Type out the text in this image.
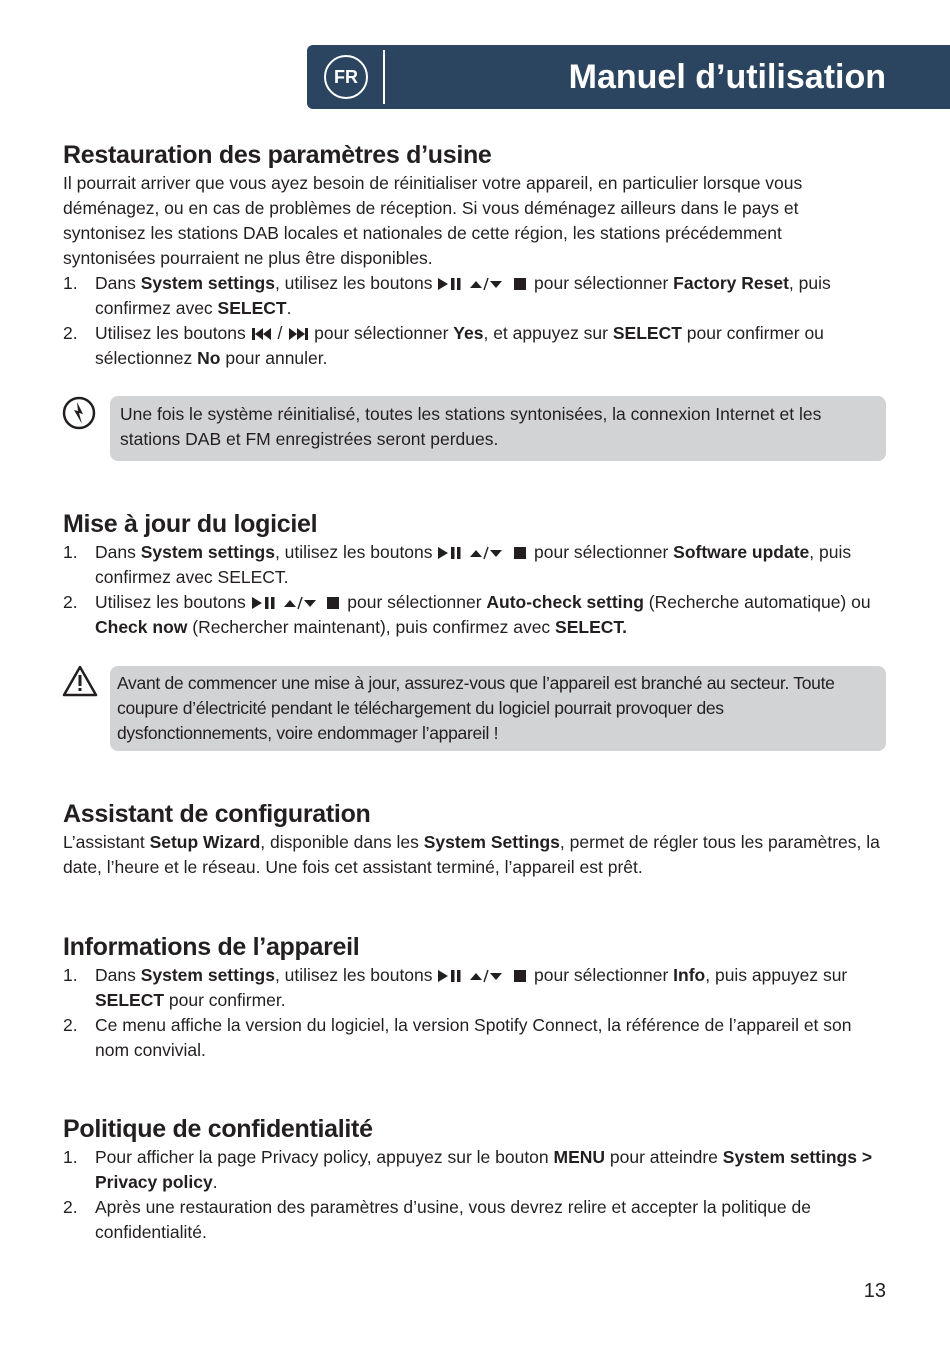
FR	Manuel d’utilisation
Restauration des paramètres d’usine

Il pourrait arriver que vous ayez besoin de réinitialiser votre appareil, en particulier lorsque vous déménagez, ou en cas de problèmes de réception. Si vous déménagez ailleurs dans le pays et syntonisez les stations DAB locales et nationales de cette région, les stations précédemment syntonisées pourraient ne plus être disponibles.

1. Dans System settings, utilisez les boutons

	pour sélectionner Factory Reset, puis confirmez avec SELECT.
2. Utilisez les boutons / pour sélectionner Yes, et appuyez sur SELECT pour confirmer ou sélectionnez No pour annuler.

Une fois le système réinitialisé, toutes les stations syntonisées, la connexion Internet et les stations DAB et FM enregistrées seront perdues.

Mise à jour du logiciel
1. Dans System settings, utilisez les boutons

	pour sélectionner Software update, puis confirmez avec SELECT.
2. Utilisez les boutons

	pour sélectionner Auto-check setting (Recherche automatique) ou Check now (Rechercher maintenant), puis confirmez avec SELECT.

Avant de commencer une mise à jour, assurez-vous que l’appareil est branché au secteur. Toute coupure d’électricité pendant le téléchargement du logiciel pourrait provoquer des dysfonctionnements, voire endommager l’appareil !

Assistant de configuration

L’assistant Setup Wizard, disponible dans les System Settings, permet de régler tous les paramètres, la date, l’heure et le réseau. Une fois cet assistant terminé, l’appareil est prêt.

Informations de l’appareil
1. Dans System settings, utilisez les boutons

	pour sélectionner Info, puis appuyez sur SELECT pour confirmer.
2. Ce menu affiche la version du logiciel, la version Spotify Connect, la référence de l’appareil et son nom convivial.
Politique de confidentialité
1. Pour afficher la page Privacy policy, appuyez sur le bouton MENU pour atteindre System settings > Privacy policy.
2. Après une restauration des paramètres d’usine, vous devrez relire et accepter la politique de confidentialité.
13
